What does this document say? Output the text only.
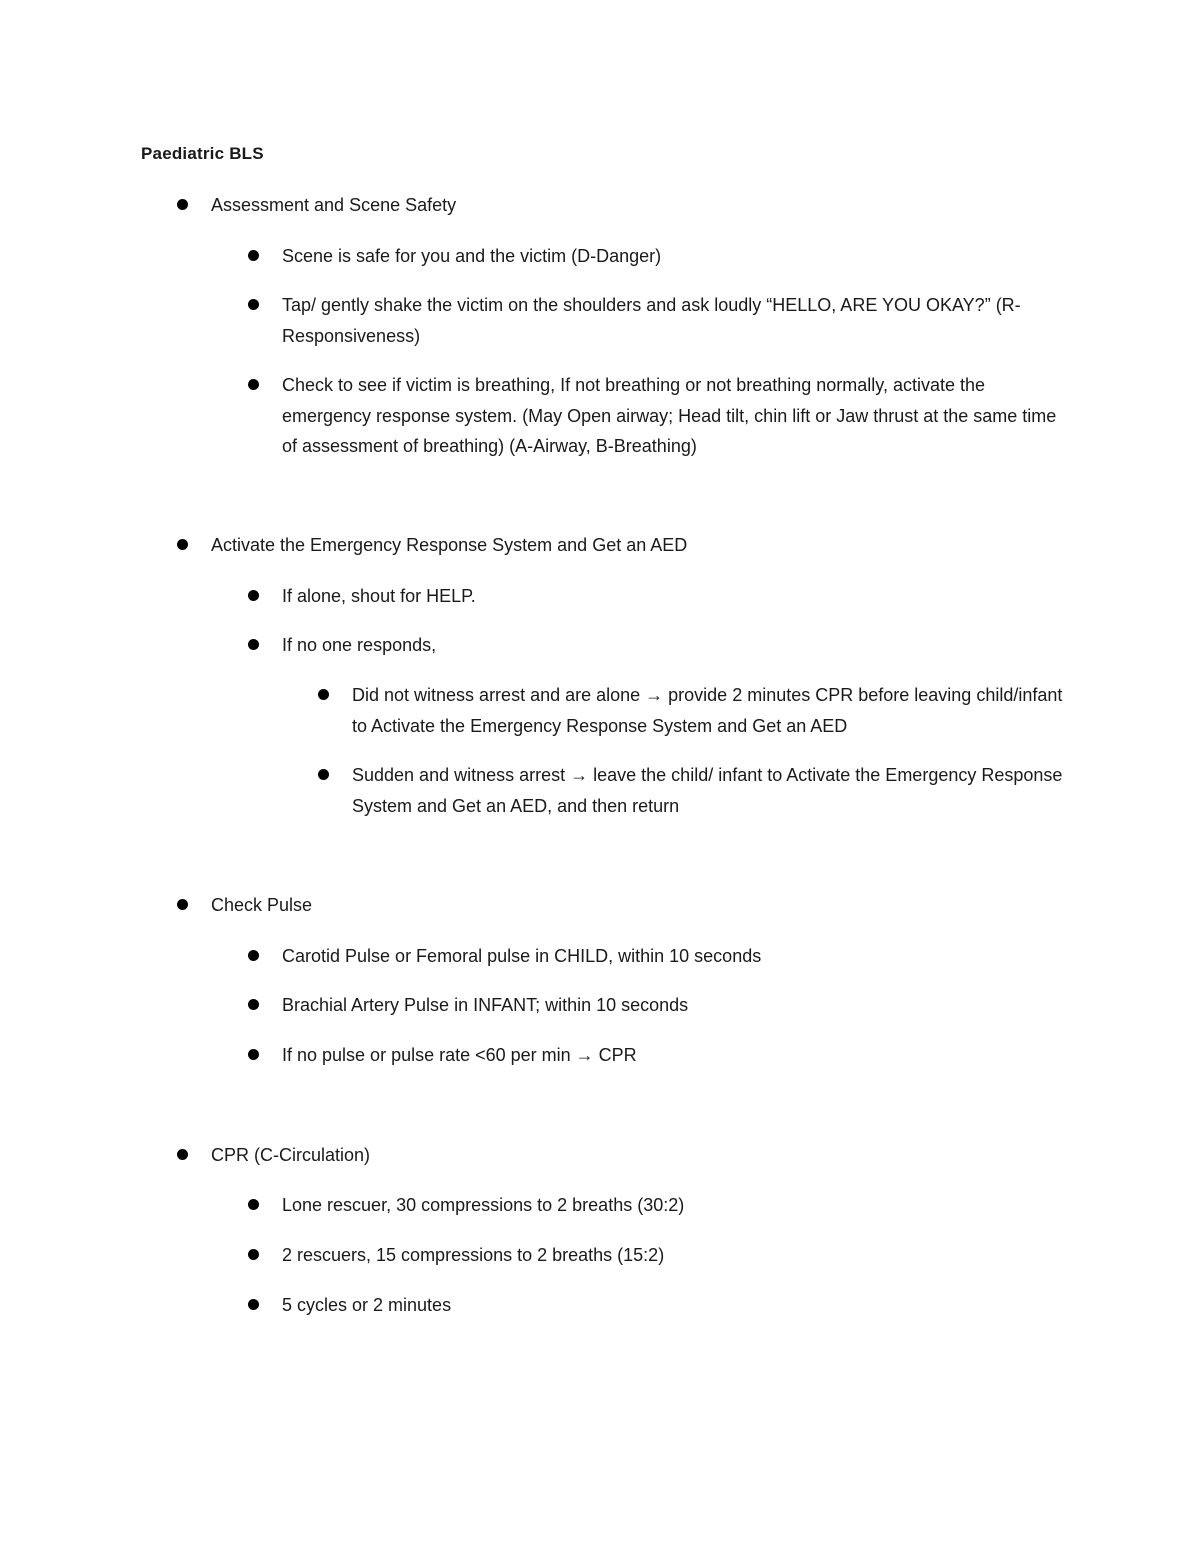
Paediatric BLS
Assessment and Scene Safety
Scene is safe for you and the victim (D-Danger)
Tap/ gently shake the victim on the shoulders and ask loudly “HELLO, ARE YOU OKAY?” (R-Responsiveness)
Check to see if victim is breathing, If not breathing or not breathing normally, activate the emergency response system. (May Open airway; Head tilt, chin lift or Jaw thrust at the same time of assessment of breathing) (A-Airway, B-Breathing)
Activate the Emergency Response System and Get an AED
If alone, shout for HELP.
If no one responds,
Did not witness arrest and are alone → provide 2 minutes CPR before leaving child/infant to Activate the Emergency Response System and Get an AED
Sudden and witness arrest → leave the child/ infant to Activate the Emergency Response System and Get an AED, and then return
Check Pulse
Carotid Pulse or Femoral pulse in CHILD, within 10 seconds
Brachial Artery Pulse in INFANT; within 10 seconds
If no pulse or pulse rate <60 per min → CPR
CPR (C-Circulation)
Lone rescuer, 30 compressions to 2 breaths (30:2)
2 rescuers, 15 compressions to 2 breaths (15:2)
5 cycles or 2 minutes
